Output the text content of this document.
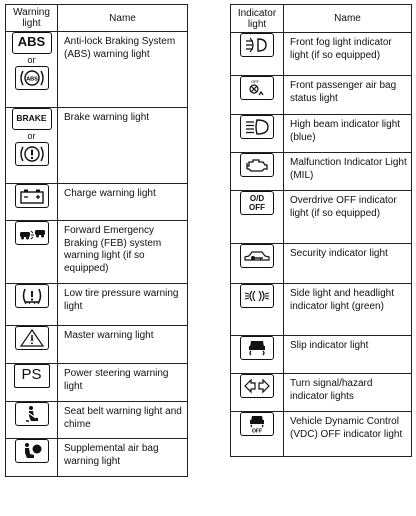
Warning light	Name
ABS
or
ABS	Anti-lock Braking System (ABS) warning light
BRAKE
or	Brake warning light

	Charge warning light

	Forward Emergency Braking (FEB) system warning light (if so equipped)

	Low tire pressure warning light

	Master warning light
PS	Power steering warning light

	Seat belt warning light and chime

	Supplemental air bag warning light
Indicator light	Name

	Front fog light indicator light (if so equipped)

OFF	Front passenger air bag status light

	High beam indicator light (blue)

	Malfunction Indicator Light (MIL)

O/D
OFF	Overdrive OFF indicator light (if so equipped)

	Security indicator light

	Side light and headlight indicator light (green)

	Slip indicator light

	Turn signal/hazard indicator lights

OFF	Vehicle Dynamic Control (VDC) OFF indicator light
